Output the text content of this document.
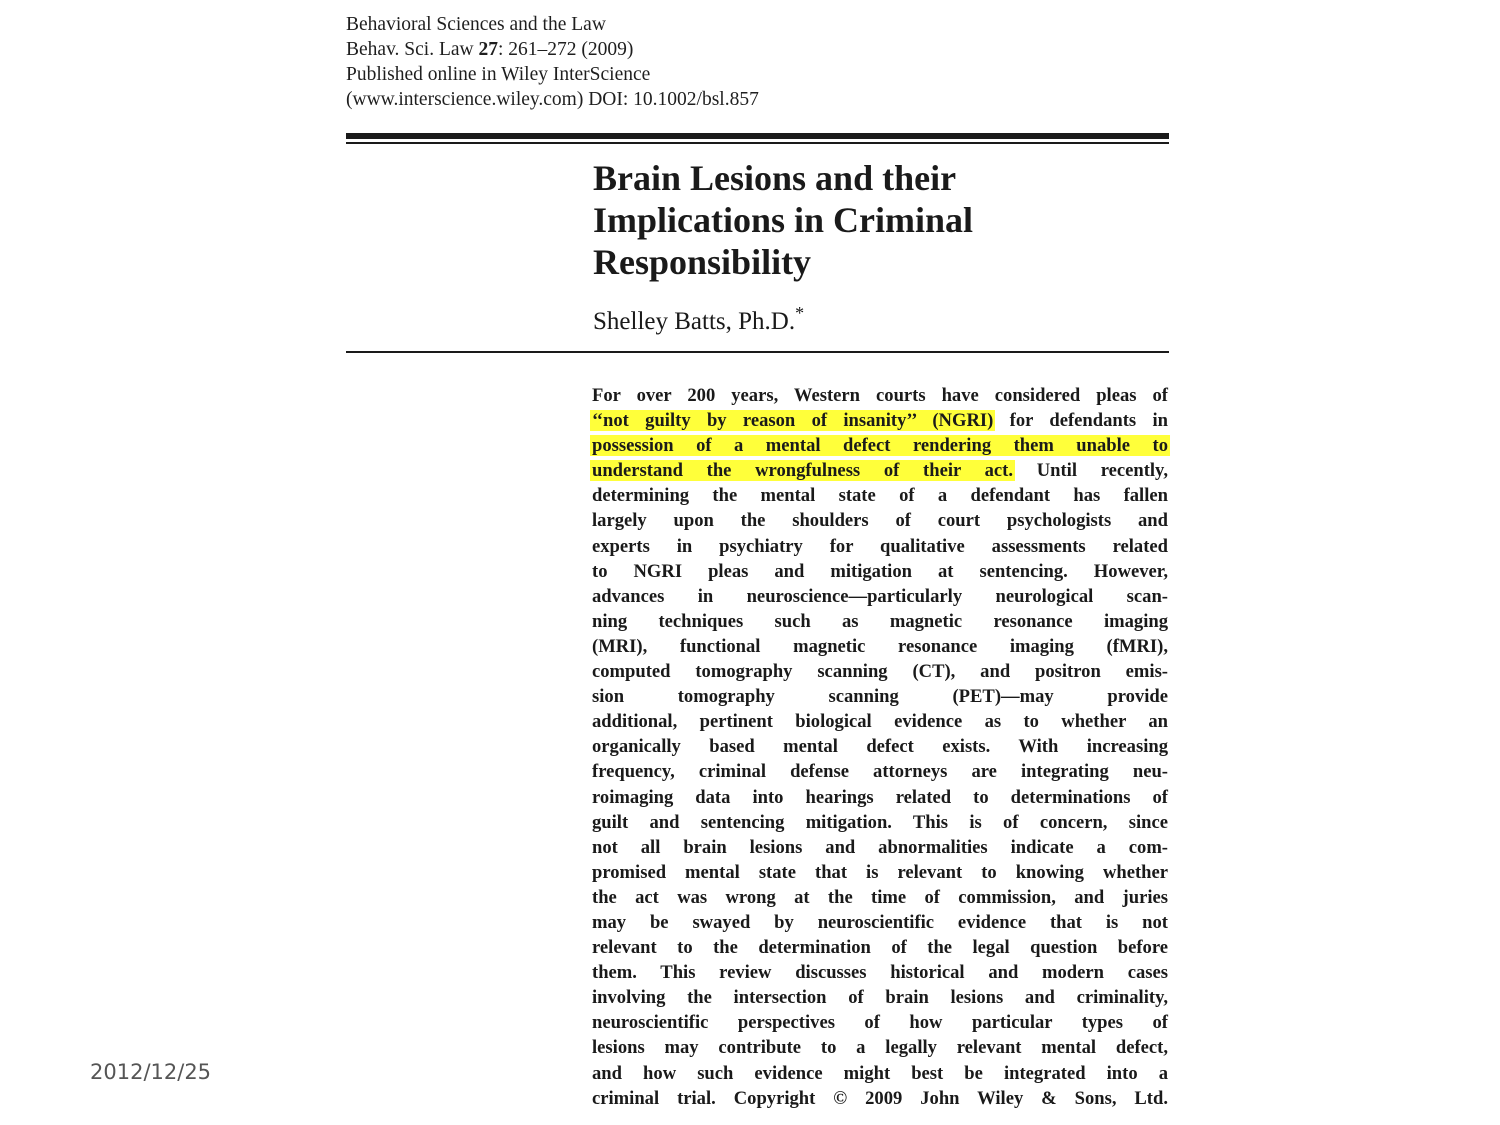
Behavioral Sciences and the Law
Behav. Sci. Law 27: 261–272 (2009)
Published online in Wiley InterScience
(www.interscience.wiley.com) DOI: 10.1002/bsl.857
Brain Lesions and their
Implications in Criminal
Responsibility
Shelley Batts, Ph.D.*
For over 200 years, Western courts have considered pleas of
‘‘not guilty by reason of insanity’’ (NGRI) for defendants in
possession of a mental defect rendering them unable to
understand the wrongfulness of their act. Until recently,
determining the mental state of a defendant has fallen
largely upon the shoulders of court psychologists and
experts in psychiatry for qualitative assessments related
to NGRI pleas and mitigation at sentencing. However,
advances in neuroscience—particularly neurological scan-
ning techniques such as magnetic resonance imaging
(MRI), functional magnetic resonance imaging (fMRI),
computed tomography scanning (CT), and positron emis-
sion tomography scanning (PET)—may provide
additional, pertinent biological evidence as to whether an
organically based mental defect exists. With increasing
frequency, criminal defense attorneys are integrating neu-
roimaging data into hearings related to determinations of
guilt and sentencing mitigation. This is of concern, since
not all brain lesions and abnormalities indicate a com-
promised mental state that is relevant to knowing whether
the act was wrong at the time of commission, and juries
may be swayed by neuroscientific evidence that is not
relevant to the determination of the legal question before
them. This review discusses historical and modern cases
involving the intersection of brain lesions and criminality,
neuroscientific perspectives of how particular types of
lesions may contribute to a legally relevant mental defect,
and how such evidence might best be integrated into a
criminal trial. Copyright © 2009 John Wiley & Sons, Ltd.
2012/12/25
